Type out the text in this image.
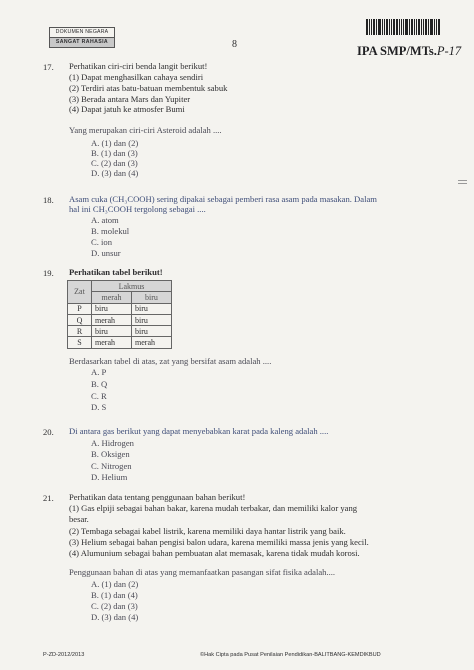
DOKUMEN NEGARA
SANGAT RAHASIA	8	IPA SMP/MTs.P-17
17. Perhatikan ciri-ciri benda langit berikut!
(1) Dapat menghasilkan cahaya sendiri
(2) Terdiri atas batu-batuan membentuk sabuk
(3) Berada antara Mars dan Yupiter
(4) Dapat jatuh ke atmosfer Bumi
Yang merupakan ciri-ciri Asteroid adalah ....
A. (1) dan (2)
B. (1) dan (3)
C. (2) dan (3)
D. (3) dan (4)
18. Asam cuka (CH₃COOH) sering dipakai sebagai pemberi rasa asam pada masakan. Dalam
hal ini CH₃COOH tergolong sebagai ....
A. atom
B. molekul
C. ion
D. unsur
19. Perhatikan tabel berikut!
Zat	Lakmus	
	merah	biru
P	biru	biru
Q	merah	biru
R	biru	biru
S	merah	merah
Berdasarkan tabel di atas, zat yang bersifat asam adalah ....
A. P
B. Q
C. R
D. S
20. Di antara gas berikut yang dapat menyebabkan karat pada kaleng adalah ....
A. Hidrogen
B. Oksigen
C. Nitrogen
D. Helium
21. Perhatikan data tentang penggunaan bahan berikut!
(1) Gas elpiji sebagai bahan bakar, karena mudah terbakar, dan memiliki kalor yang
besar.
(2) Tembaga sebagai kabel listrik, karena memiliki daya hantar listrik yang baik.
(3) Helium sebagai bahan pengisi balon udara, karena memiliki massa jenis yang kecil.
(4) Alumunium sebagai bahan pembuatan alat memasak, karena tidak mudah korosi.
Penggunaan bahan di atas yang memanfaatkan pasangan sifat fisika adalah....
A. (1) dan (2)
B. (1) dan (4)
C. (2) dan (3)
D. (3) dan (4)
P-ZD-2012/2013	©Hak Cipta pada Pusat Penilaian Pendidikan-BALITBANG-KEMDIKBUD
